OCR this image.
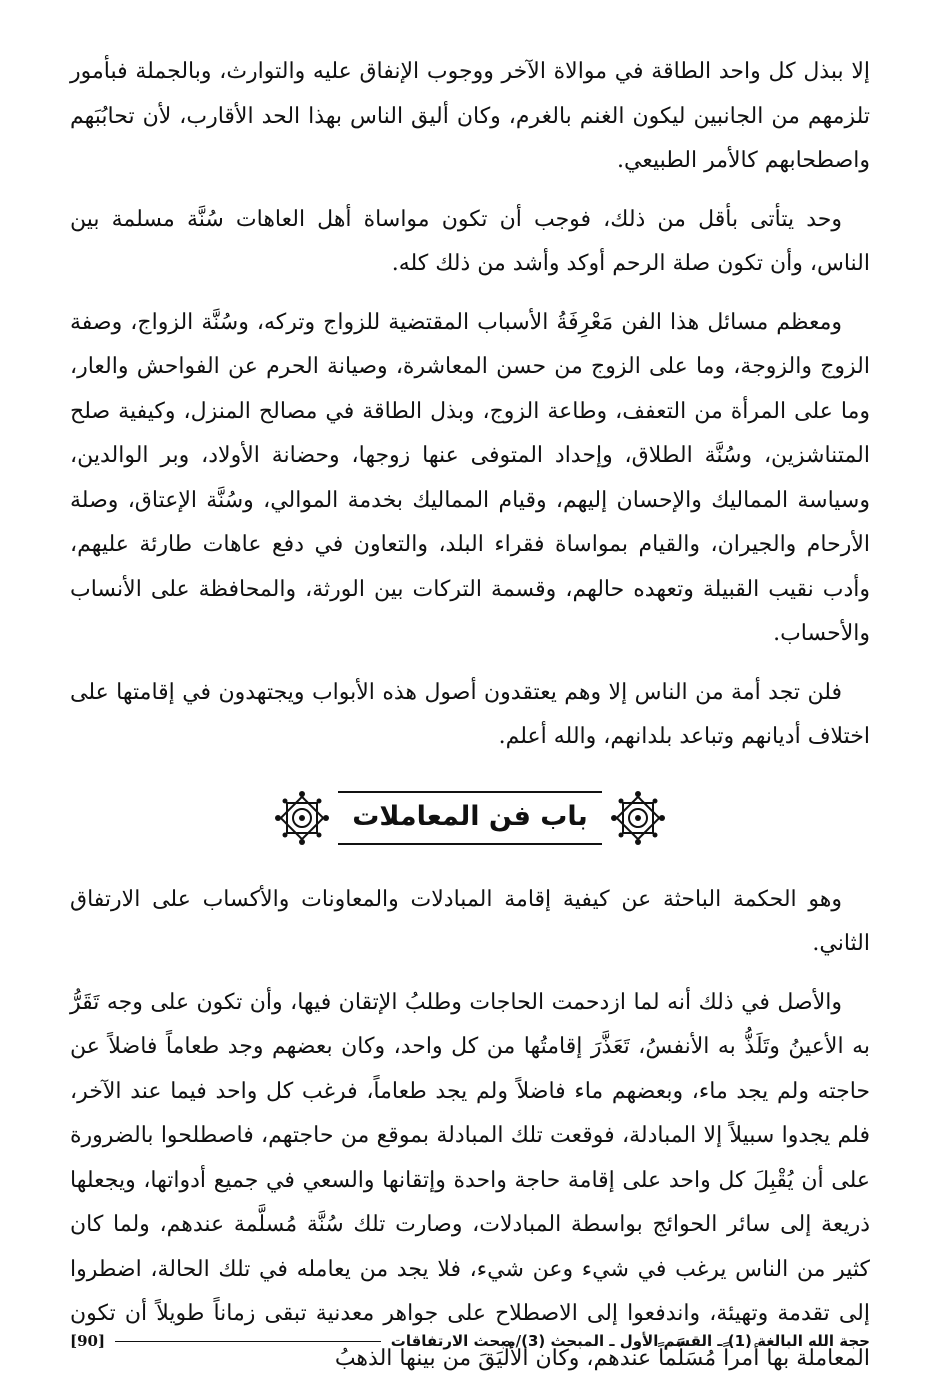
إلا ببذل كل واحد الطاقة في موالاة الآخر ووجوب الإنفاق عليه والتوارث، وبالجملة فبأمور تلزمهم من الجانبين ليكون الغنم بالغرم، وكان أليق الناس بهذا الحد الأقارب، لأن تحابُبَهم واصطحابهم كالأمر الطبيعي.

وحد يتأتى بأقل من ذلك، فوجب أن تكون مواساة أهل العاهات سُنَّة مسلمة بين الناس، وأن تكون صلة الرحم أوكد وأشد من ذلك كله.

ومعظم مسائل هذا الفن مَعْرِفَةُ الأسباب المقتضية للزواج وتركه، وسُنَّة الزواج، وصفة الزوج والزوجة، وما على الزوج من حسن المعاشرة، وصيانة الحرم عن الفواحش والعار، وما على المرأة من التعفف، وطاعة الزوج، وبذل الطاقة في مصالح المنزل، وكيفية صلح المتناشزين، وسُنَّة الطلاق، وإحداد المتوفى عنها زوجها، وحضانة الأولاد، وبر الوالدين، وسياسة المماليك والإحسان إليهم، وقيام المماليك بخدمة الموالي، وسُنَّة الإعتاق، وصلة الأرحام والجيران، والقيام بمواساة فقراء البلد، والتعاون في دفع عاهات طارئة عليهم، وأدب نقيب القبيلة وتعهده حالهم، وقسمة التركات بين الورثة، والمحافظة على الأنساب والأحساب.

فلن تجد أمة من الناس إلا وهم يعتقدون أصول هذه الأبواب ويجتهدون في إقامتها على اختلاف أديانهم وتباعد بلدانهم، والله أعلم.

باب فن المعاملات

وهو الحكمة الباحثة عن كيفية إقامة المبادلات والمعاونات والأكساب على الارتفاق الثاني.

والأصل في ذلك أنه لما ازدحمت الحاجات وطلبُ الإتقان فيها، وأن تكون على وجه تَقَرُّ به الأعينُ وتَلَذُّ به الأنفسُ، تَعَذَّرَ إقامتُها من كل واحد، وكان بعضهم وجد طعاماً فاضلاً عن حاجته ولم يجد ماء، وبعضهم ماء فاضلاً ولم يجد طعاماً، فرغب كل واحد فيما عند الآخر، فلم يجدوا سبيلاً إلا المبادلة، فوقعت تلك المبادلة بموقع من حاجتهم، فاصطلحوا بالضرورة على أن يُقْبِلَ كل واحد على إقامة حاجة واحدة وإتقانها والسعي في جميع أدواتها، ويجعلها ذريعة إلى سائر الحوائج بواسطة المبادلات، وصارت تلك سُنَّة مُسلَّمة عندهم، ولما كان كثير من الناس يرغب في شيء وعن شيء، فلا يجد من يعامله في تلك الحالة، اضطروا إلى تقدمة وتهيئة، واندفعوا إلى الاصطلاح على جواهر معدنية تبقى زماناً طويلاً أن تكون المعاملة بها أمراً مُسَلَّماً عندهم، وكان الألْيَقَ من بينها الذهبُ

حجة الله البالغة (1) ـ القسم الأول ـ المبحث (3)/مبحث الارتفاقات
[90]
